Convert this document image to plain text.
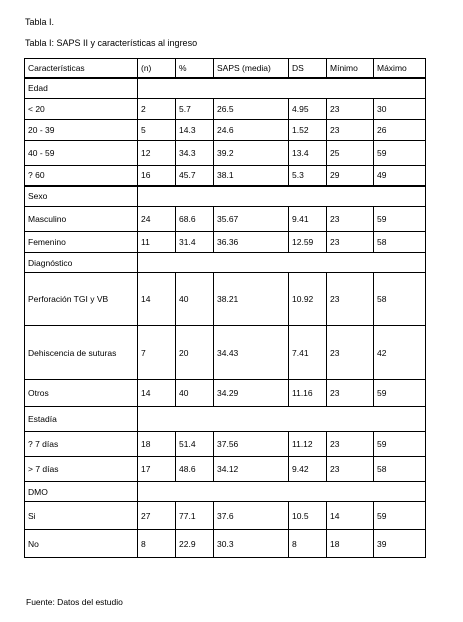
Tabla I.
Tabla I: SAPS II y características al ingreso
Características	(n)	%	SAPS (media)	DS	Mínimo	Máximo
Edad						
< 20	2	5.7	26.5	4.95	23	30
20 - 39	5	14.3	24.6	1.52	23	26
40 - 59	12	34.3	39.2	13.4	25	59
? 60	16	45.7	38.1	5.3	29	49
Sexo						
Masculino	24	68.6	35.67	9.41	23	59
Femenino	11	31.4	36.36	12.59	23	58
Diagnóstico						
Perforación TGI y VB	14	40	38.21	10.92	23	58
Dehiscencia de suturas	7	20	34.43	7.41	23	42
Otros	14	40	34.29	11.16	23	59
Estadía						
? 7 días	18	51.4	37.56	11.12	23	59
> 7 días	17	48.6	34.12	9.42	23	58
DMO						
Si	27	77.1	37.6	10.5	14	59
No	8	22.9	30.3	8	18	39
Fuente: Datos del estudio
